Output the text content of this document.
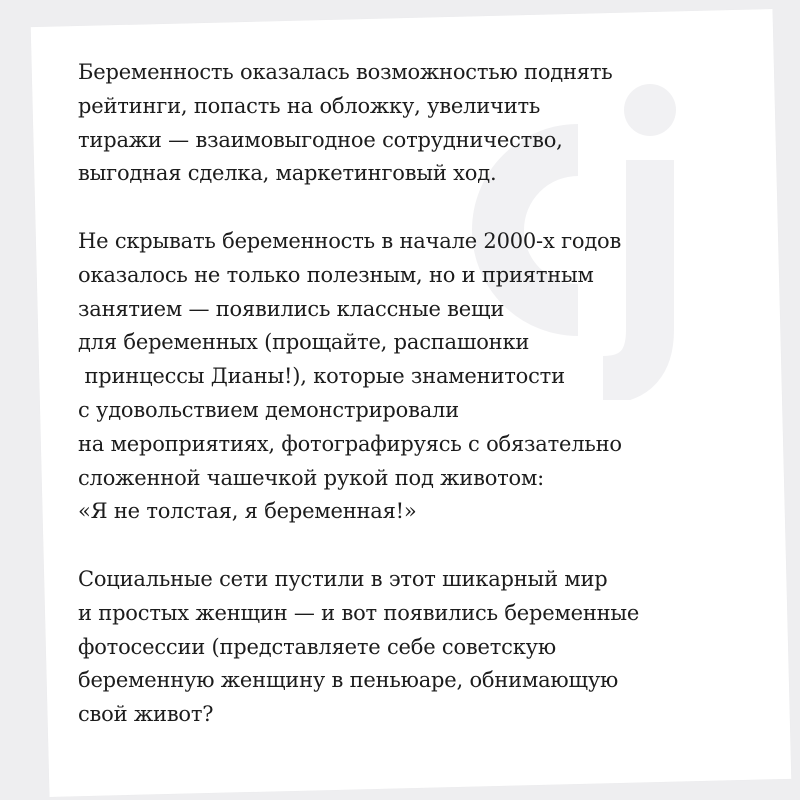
Беременность оказалась возможностью поднять
рейтинги, попасть на обложку, увеличить
тиражи — взаимовыгодное сотрудничество,
выгодная сделка, маркетинговый ход.

Не скрывать беременность в начале 2000-х годов
оказалось не только полезным, но и приятным
занятием — появились классные вещи
для беременных (прощайте, распашонки
принцессы Дианы!), которые знаменитости
с удовольствием демонстрировали
на мероприятиях, фотографируясь с обязательно
сложенной чашечкой рукой под животом:
«Я не толстая, я беременная!»

Социальные сети пустили в этот шикарный мир
и простых женщин — и вот появились беременные
фотосессии (представляете себе советскую
беременную женщину в пеньюаре, обнимающую
свой живот?
